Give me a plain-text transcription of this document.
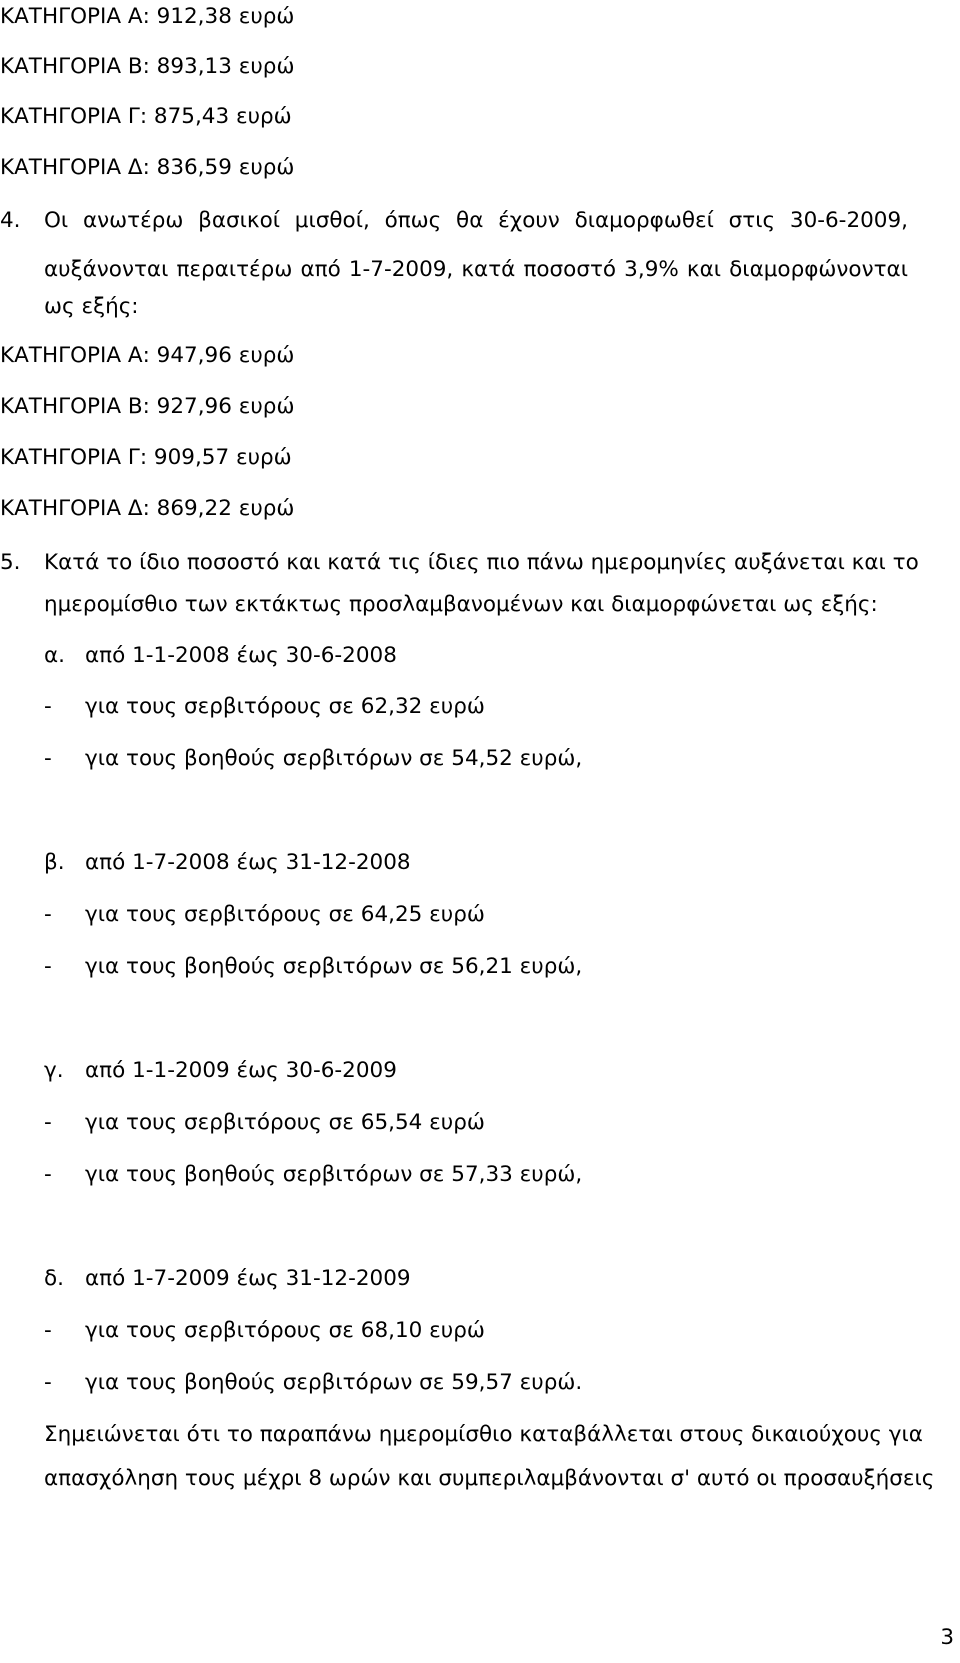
ΚΑΤΗΓΟΡΙΑ Α: 912,38 ευρώ
ΚΑΤΗΓΟΡΙΑ Β: 893,13 ευρώ
ΚΑΤΗΓΟΡΙΑ Γ: 875,43 ευρώ
ΚΑΤΗΓΟΡΙΑ Δ: 836,59 ευρώ
4. Οι ανωτέρω βασικοί μισθοί, όπως θα έχουν διαμορφωθεί στις 30-6-2009,
αυξάνονται περαιτέρω από 1-7-2009, κατά ποσοστό 3,9% και διαμορφώνονται
ως εξής:
ΚΑΤΗΓΟΡΙΑ Α: 947,96 ευρώ
ΚΑΤΗΓΟΡΙΑ Β: 927,96 ευρώ
ΚΑΤΗΓΟΡΙΑ Γ: 909,57 ευρώ
ΚΑΤΗΓΟΡΙΑ Δ: 869,22 ευρώ
5. Κατά το ίδιο ποσοστό και κατά τις ίδιες πιο πάνω ημερομηνίες αυξάνεται και το
ημερομίσθιο των εκτάκτως προσλαμβανομένων και διαμορφώνεται ως εξής:
α. από 1-1-2008 έως 30-6-2008
- για τους σερβιτόρους σε 62,32 ευρώ
- για τους βοηθούς σερβιτόρων σε 54,52 ευρώ,
β. από 1-7-2008 έως 31-12-2008
- για τους σερβιτόρους σε 64,25 ευρώ
- για τους βοηθούς σερβιτόρων σε 56,21 ευρώ,
γ. από 1-1-2009 έως 30-6-2009
- για τους σερβιτόρους σε 65,54 ευρώ
- για τους βοηθούς σερβιτόρων σε 57,33 ευρώ,
δ. από 1-7-2009 έως 31-12-2009
- για τους σερβιτόρους σε 68,10 ευρώ
- για τους βοηθούς σερβιτόρων σε 59,57 ευρώ.
Σημειώνεται ότι το παραπάνω ημερομίσθιο καταβάλλεται στους δικαιούχους για
απασχόληση τους μέχρι 8 ωρών και συμπεριλαμβάνονται σ' αυτό οι προσαυξήσεις
3
